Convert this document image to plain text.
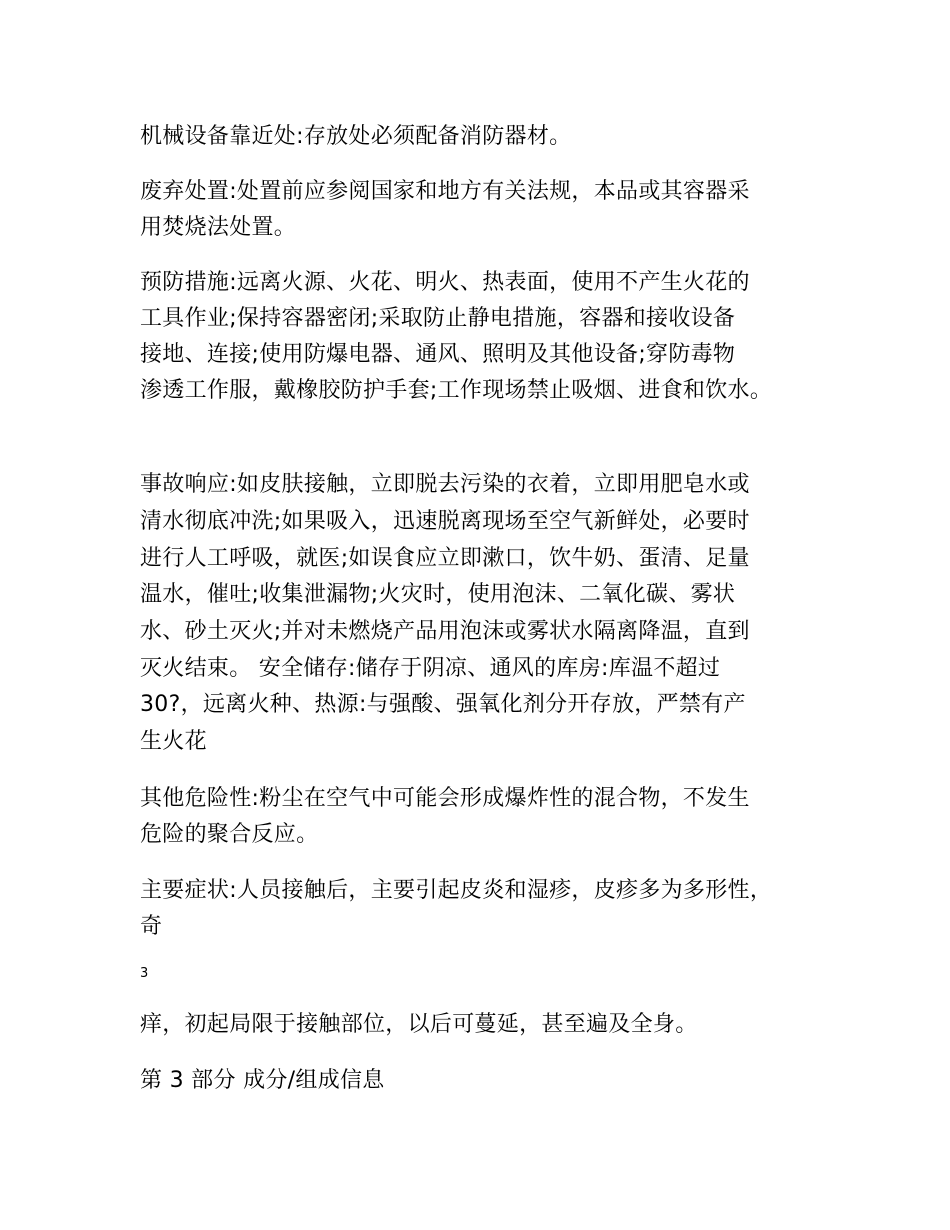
机械设备靠近处:存放处必须配备消防器材。
废弃处置:处置前应参阅国家和地方有关法规，本品或其容器采
用焚烧法处置。
预防措施:远离火源、火花、明火、热表面，使用不产生火花的
工具作业;保持容器密闭;采取防止静电措施，容器和接收设备
接地、连接;使用防爆电器、通风、照明及其他设备;穿防毒物
渗透工作服，戴橡胶防护手套;工作现场禁止吸烟、进食和饮水。
事故响应:如皮肤接触，立即脱去污染的衣着，立即用肥皂水或
清水彻底冲洗;如果吸入，迅速脱离现场至空气新鲜处，必要时
进行人工呼吸，就医;如误食应立即漱口，饮牛奶、蛋清、足量
温水，催吐;收集泄漏物;火灾时，使用泡沫、二氧化碳、雾状
水、砂土灭火;并对未燃烧产品用泡沫或雾状水隔离降温，直到
灭火结束。 安全储存:储存于阴凉、通风的库房:库温不超过
30?，远离火种、热源:与强酸、强氧化剂分开存放，严禁有产
生火花
其他危险性:粉尘在空气中可能会形成爆炸性的混合物，不发生
危险的聚合反应。
主要症状:人员接触后，主要引起皮炎和湿疹，皮疹多为多形性，
奇
3
痒，初起局限于接触部位，以后可蔓延，甚至遍及全身。
第 3 部分 成分/组成信息
